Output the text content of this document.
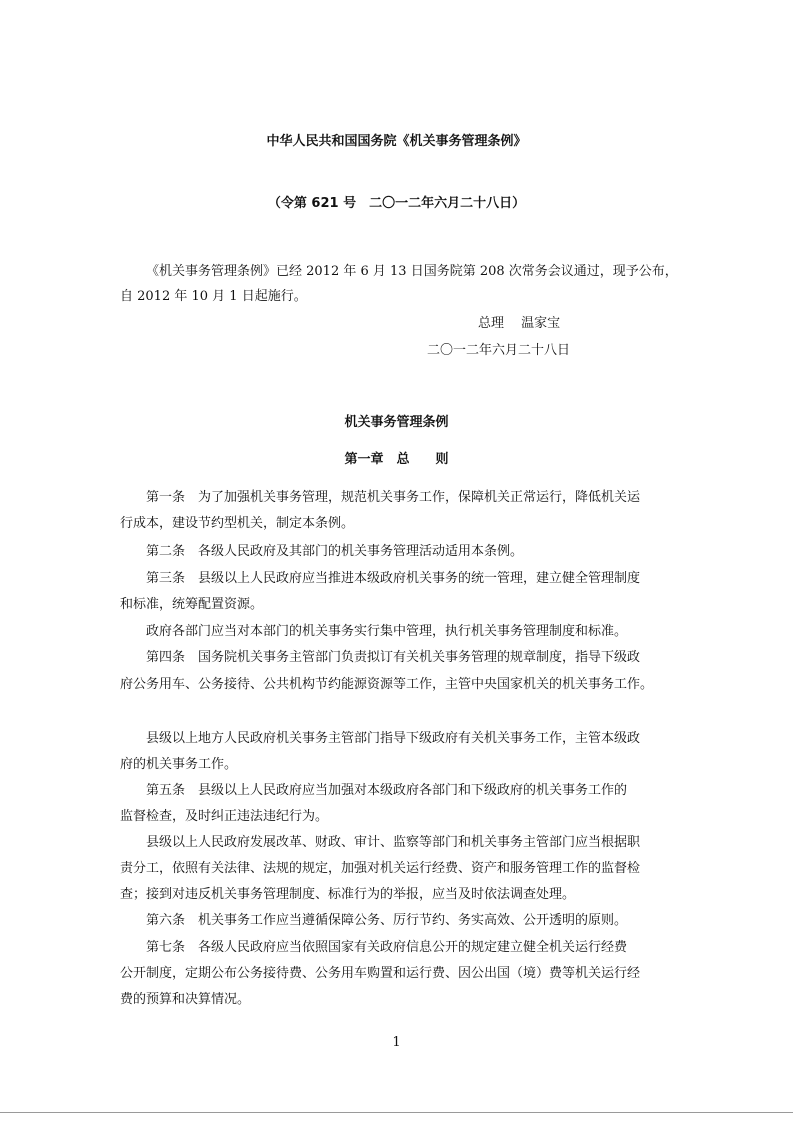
中华人民共和国国务院《机关事务管理条例》
（令第 621 号　二〇一二年六月二十八日）
《机关事务管理条例》已经 2012 年 6 月 13 日国务院第 208 次常务会议通过，现予公布，
自 2012 年 10 月 1 日起施行。
总理　 温家宝
二〇一二年六月二十八日
机关事务管理条例
第一章　总　　则
第一条　为了加强机关事务管理，规范机关事务工作，保障机关正常运行，降低机关运
行成本，建设节约型机关，制定本条例。
第二条　各级人民政府及其部门的机关事务管理活动适用本条例。
第三条　县级以上人民政府应当推进本级政府机关事务的统一管理，建立健全管理制度
和标准，统筹配置资源。
政府各部门应当对本部门的机关事务实行集中管理，执行机关事务管理制度和标准。
第四条　国务院机关事务主管部门负责拟订有关机关事务管理的规章制度，指导下级政
府公务用车、公务接待、公共机构节约能源资源等工作，主管中央国家机关的机关事务工作。
县级以上地方人民政府机关事务主管部门指导下级政府有关机关事务工作，主管本级政
府的机关事务工作。
第五条　县级以上人民政府应当加强对本级政府各部门和下级政府的机关事务工作的
监督检查，及时纠正违法违纪行为。
县级以上人民政府发展改革、财政、审计、监察等部门和机关事务主管部门应当根据职
责分工，依照有关法律、法规的规定，加强对机关运行经费、资产和服务管理工作的监督检
查；接到对违反机关事务管理制度、标准行为的举报，应当及时依法调查处理。
第六条　机关事务工作应当遵循保障公务、厉行节约、务实高效、公开透明的原则。
第七条　各级人民政府应当依照国家有关政府信息公开的规定建立健全机关运行经费
公开制度，定期公布公务接待费、公务用车购置和运行费、因公出国（境）费等机关运行经
费的预算和决算情况。
1
